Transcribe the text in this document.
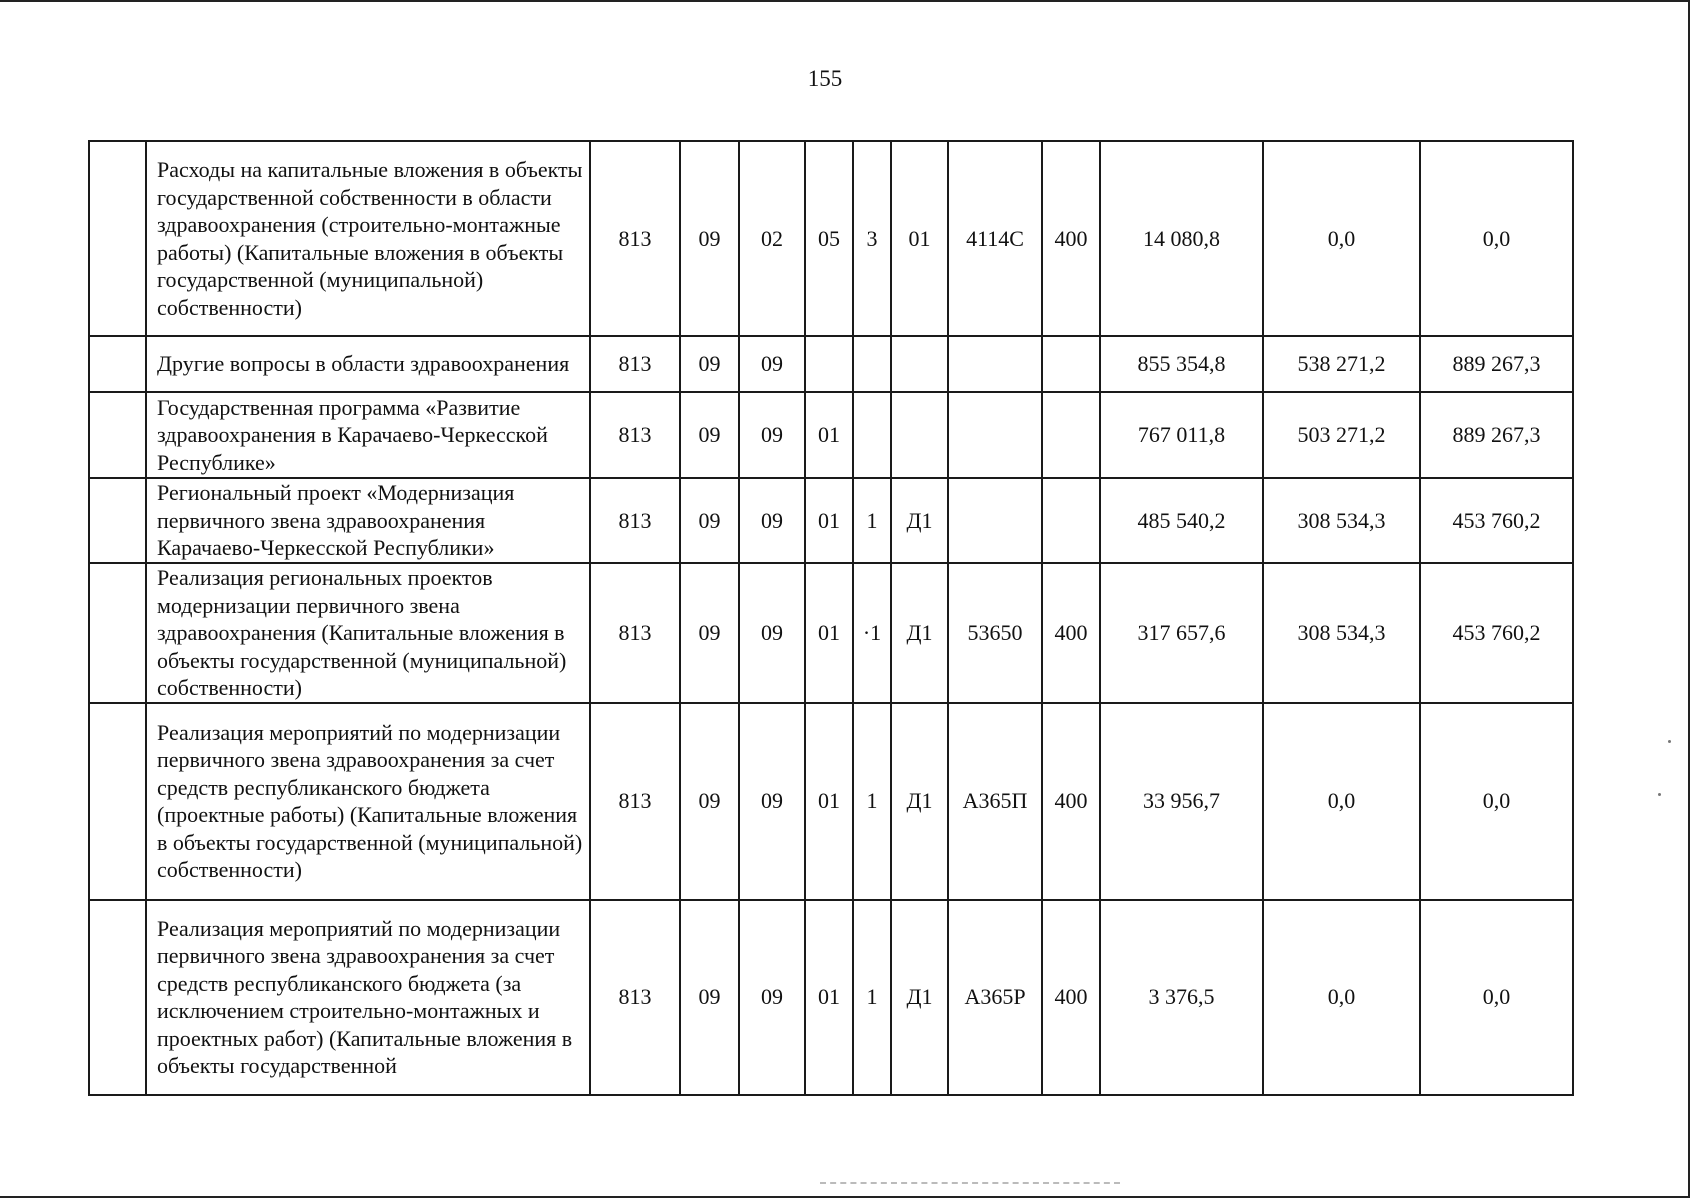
155
	Расходы на капитальные вложения в объекты государственной собственности в области здравоохранения (строительно-монтажные работы) (Капитальные вложения в объекты государственной (муниципальной) собственности)	813	09	02	05	3	01	4114С	400	14 080,8	0,0	0,0
	Другие вопросы в области здравоохранения	813	09	09						855 354,8	538 271,2	889 267,3
	Государственная программа «Развитие здравоохранения в Карачаево-Черкесской Республике»	813	09	09	01					767 011,8	503 271,2	889 267,3
	Региональный проект «Модернизация первичного звена здравоохранения Карачаево-Черкесской Республики»	813	09	09	01	1	Д1			485 540,2	308 534,3	453 760,2
	Реализация региональных проектов модернизации первичного звена здравоохранения (Капитальные вложения в объекты государственной (муниципальной) собственности)	813	09	09	01	·1	Д1	53650	400	317 657,6	308 534,3	453 760,2
	Реализация мероприятий по модернизации первичного звена здравоохранения за счет средств республиканского бюджета (проектные работы) (Капитальные вложения в объекты государственной (муниципальной) собственности)	813	09	09	01	1	Д1	А365П	400	33 956,7	0,0	0,0
	Реализация мероприятий по модернизации первичного звена здравоохранения за счет средств республиканского бюджета (за исключением строительно-монтажных и проектных работ) (Капитальные вложения в объекты государственной	813	09	09	01	1	Д1	А365Р	400	3 376,5	0,0	0,0
